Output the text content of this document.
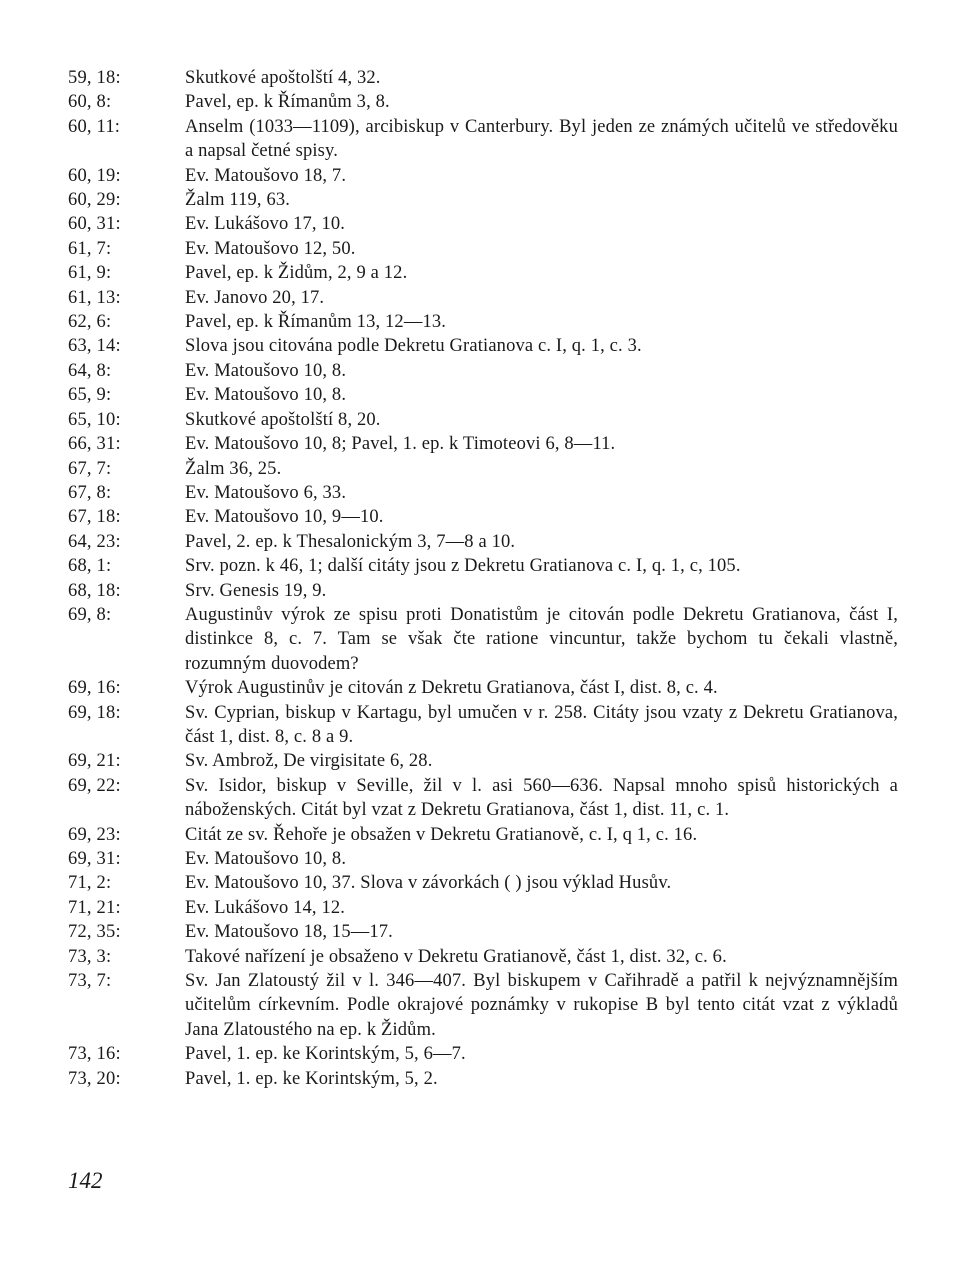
59, 18:	Skutkové apoštolští 4, 32.
60, 8:	Pavel, ep. k Římanům 3, 8.
60, 11:	Anselm (1033—1109), arcibiskup v Canterbury. Byl jeden ze známých učitelů ve středověku a napsal četné spisy.
60, 19:	Ev. Matoušovo 18, 7.
60, 29:	Žalm 119, 63.
60, 31:	Ev. Lukášovo 17, 10.
61, 7:	Ev. Matoušovo 12, 50.
61, 9:	Pavel, ep. k Židům, 2, 9 a 12.
61, 13:	Ev. Janovo 20, 17.
62, 6:	Pavel, ep. k Římanům 13, 12—13.
63, 14:	Slova jsou citována podle Dekretu Gratianova c. I, q. 1, c. 3.
64, 8:	Ev. Matoušovo 10, 8.
65, 9:	Ev. Matoušovo 10, 8.
65, 10:	Skutkové apoštolští 8, 20.
66, 31:	Ev. Matoušovo 10, 8; Pavel, 1. ep. k Timoteovi 6, 8—11.
67, 7:	Žalm 36, 25.
67, 8:	Ev. Matoušovo 6, 33.
67, 18:	Ev. Matoušovo 10, 9—10.
64, 23:	Pavel, 2. ep. k Thesalonickým 3, 7—8 a 10.
68, 1:	Srv. pozn. k 46, 1; další citáty jsou z Dekretu Gratianova c. I, q. 1, c, 105.
68, 18:	Srv. Genesis 19, 9.
69, 8:	Augustinův výrok ze spisu proti Donatistům je citován podle Dekretu Gratianova, část I, distinkce 8, c. 7. Tam se však čte ratione vincuntur, takže bychom tu čekali vlastně, rozumným duovodem?
69, 16:	Výrok Augustinův je citován z Dekretu Gratianova, část I, dist. 8, c. 4.
69, 18:	Sv. Cyprian, biskup v Kartagu, byl umučen v r. 258. Citáty jsou vzaty z Dekretu Gratianova, část 1, dist. 8, c. 8 a 9.
69, 21:	Sv. Ambrož, De virgisitate 6, 28.
69, 22:	Sv. Isidor, biskup v Seville, žil v l. asi 560—636. Napsal mnoho spisů historických a náboženských. Citát byl vzat z Dekretu Gratianova, část 1, dist. 11, c. 1.
69, 23:	Citát ze sv. Řehoře je obsažen v Dekretu Gratianově, c. I, q 1, c. 16.
69, 31:	Ev. Matoušovo 10, 8.
71, 2:	Ev. Matoušovo 10, 37. Slova v závorkách ( ) jsou výklad Husův.
71, 21:	Ev. Lukášovo 14, 12.
72, 35:	Ev. Matoušovo 18, 15—17.
73, 3:	Takové nařízení je obsaženo v Dekretu Gratianově, část 1, dist. 32, c. 6.
73, 7:	Sv. Jan Zlatoustý žil v l. 346—407. Byl biskupem v Cařihradě a patřil k nejvýznamnějším učitelům církevním. Podle okrajové poznámky v rukopise B byl tento citát vzat z výkladů Jana Zlatoustého na ep. k Židům.
73, 16:	Pavel, 1. ep. ke Korintským, 5, 6—7.
73, 20:	Pavel, 1. ep. ke Korintským, 5, 2.
142
